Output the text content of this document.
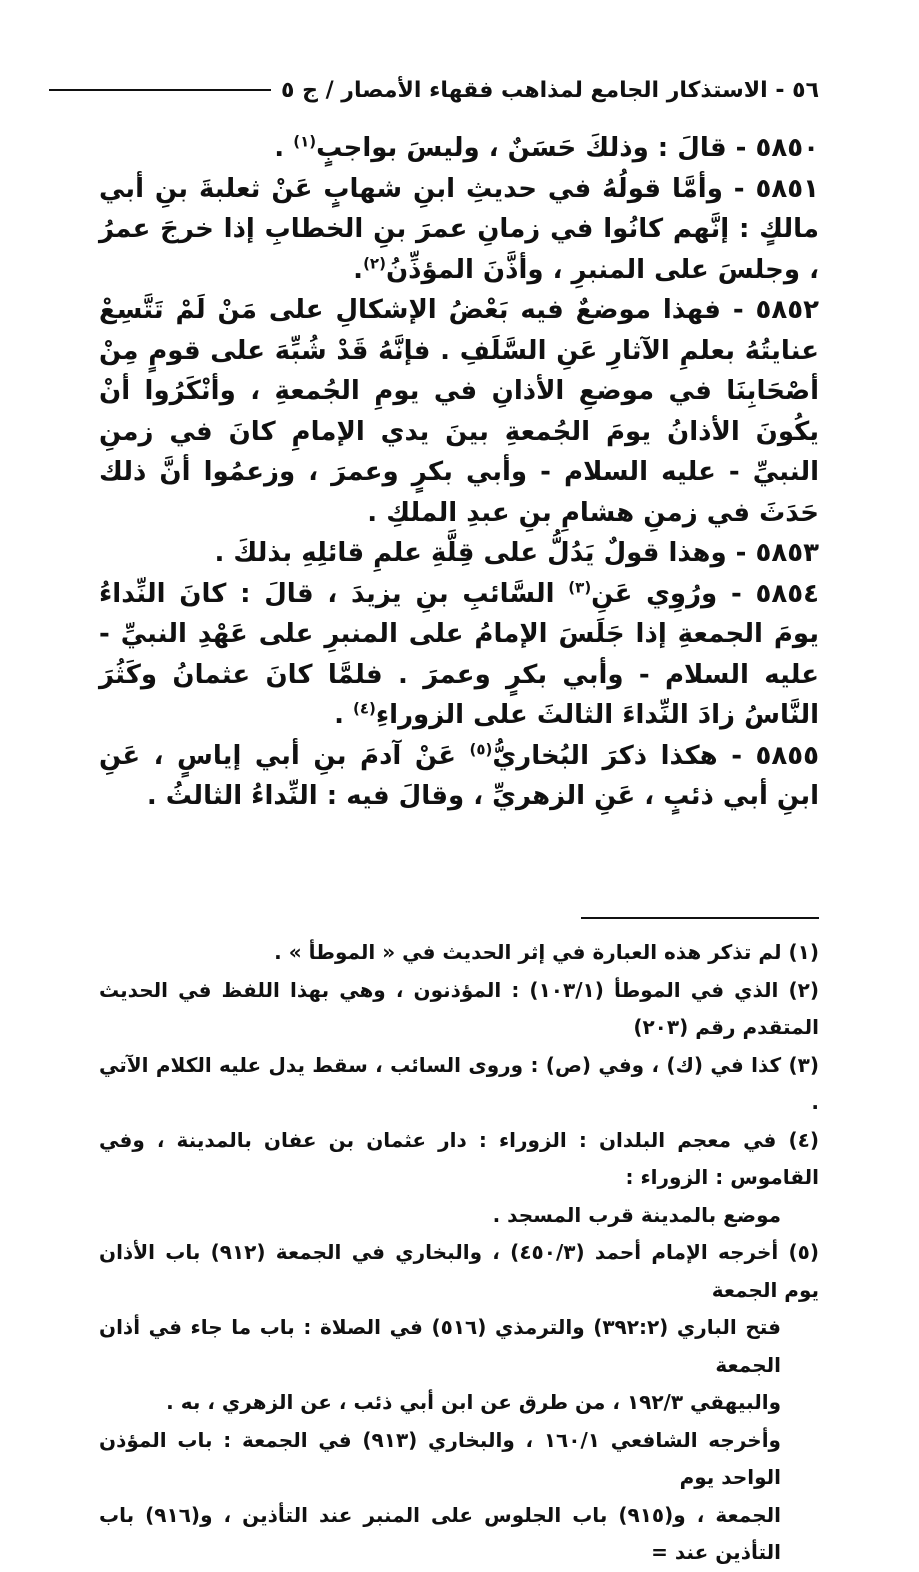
٥٦ - الاستذكار الجامع لمذاهب فقهاء الأمصار / ج ٥

٥٨٥٠ - قالَ : وذلكَ حَسَنٌ ، وليسَ بواجبٍ$^{(١)}$ .

٥٨٥١ - وأمَّا قولُهُ في حديثِ ابنِ شهابٍ عَنْ ثعلبةَ بنِ أبي مالكٍ : إنَّهم كانُوا في زمانِ عمرَ بنِ الخطابِ إذا خرجَ عمرُ ، وجلسَ على المنبرِ ، وأذَّنَ المؤذِّنُ$^{(٢)}$.

٥٨٥٢ - فهذا موضعٌ فيه بَعْضُ الإشكالِ على مَنْ لَمْ تَتَّسِعْ عنايتُهُ بعلمِ الآثارِ عَنِ السَّلَفِ . فإنَّهُ قَدْ شُبِّهَ على قومٍ مِنْ أصْحَابِنَا في موضعِ الأذانِ في يومِ الجُمعةِ ، وأنْكَرُوا أنْ يكُونَ الأذانُ يومَ الجُمعةِ بينَ يدي الإمامِ كانَ في زمنِ النبيِّ - عليه السلام - وأبي بكرٍ وعمرَ ، وزعمُوا أنَّ ذلك حَدَثَ في زمنِ هشامِ بنِ عبدِ الملكِ .

٥٨٥٣ - وهذا قولٌ يَدُلُّ على قِلَّةِ علمِ قائلِهِ بذلكَ .

٥٨٥٤ - ورُوِي عَنِ$^{(٣)}$ السَّائبِ بنِ يزيدَ ، قالَ : كانَ النِّداءُ يومَ الجمعةِ إذا جَلَسَ الإمامُ على المنبرِ على عَهْدِ النبيِّ - عليه السلام - وأبي بكرٍ وعمرَ . فلمَّا كانَ عثمانُ وكَثُرَ النَّاسُ زادَ النِّداءَ الثالثَ على الزوراءِ$^{(٤)}$ .

٥٨٥٥ - هكذا ذكرَ البُخاريُّ$^{(٥)}$ عَنْ آدمَ بنِ أبي إياسٍ ، عَنِ ابنِ أبي ذئبٍ ، عَنِ الزهريِّ ، وقالَ فيه : النِّداءُ الثالثُ .

(١) لم تذكر هذه العبارة في إثر الحديث في « الموطأ » .

(٢) الذي في الموطأ (١٠٣/١) : المؤذنون ، وهي بهذا اللفظ في الحديث المتقدم رقم (٢٠٣)

(٣) كذا في (ك) ، وفي (ص) : وروى السائب ، سقط يدل عليه الكلام الآتي .

(٤) في معجم البلدان : الزوراء : دار عثمان بن عفان بالمدينة ، وفي القاموس : الزوراء :

موضع بالمدينة قرب المسجد .

(٥) أخرجه الإمام أحمد (٤٥٠/٣) ، والبخاري في الجمعة (٩١٢) باب الأذان يوم الجمعة

فتح الباري (٣٩٢:٢) والترمذي (٥١٦) في الصلاة : باب ما جاء في أذان الجمعة

والبيهقي ١٩٢/٣ ، من طرق عن ابن أبي ذئب ، عن الزهري ، به .

وأخرجه الشافعي ١٦٠/١ ، والبخاري (٩١٣) في الجمعة : باب المؤذن الواحد يوم

الجمعة ، و(٩١٥) باب الجلوس على المنبر عند التأذين ، و(٩١٦) باب التأذين عند =
